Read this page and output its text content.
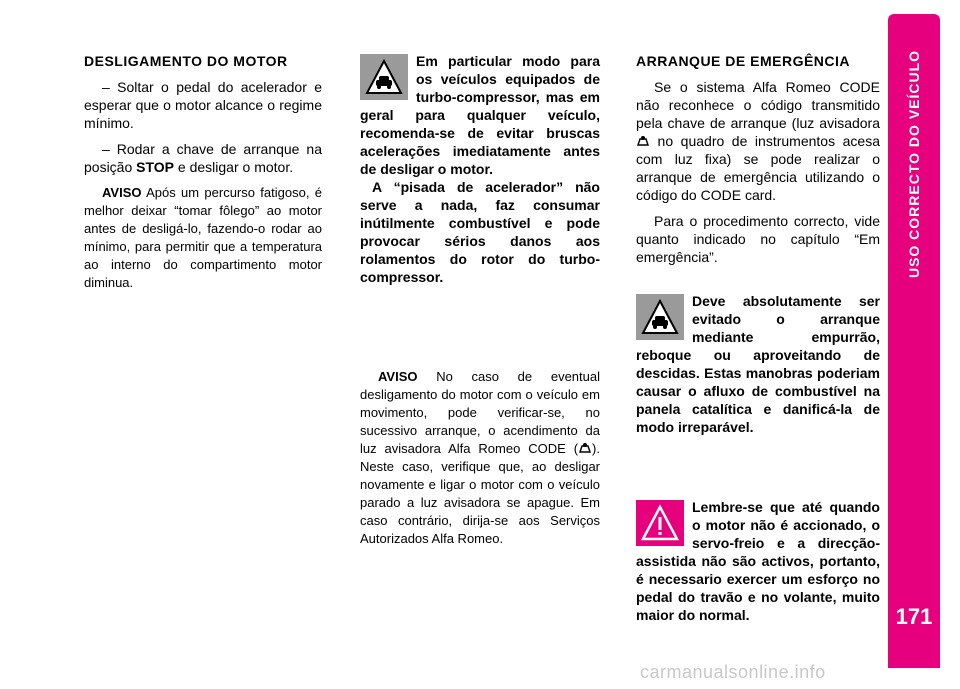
DESLIGAMENTO DO MOTOR

– Soltar o pedal do acelerador e esperar que o motor alcance o regime mínimo.

– Rodar a chave de arranque na posição STOP e desligar o motor.

AVISO Após um percurso fatigoso, é melhor deixar “tomar fôlego” ao motor antes de desligá-lo, fazendo-o rodar ao mínimo, para permitir que a temperatura ao interno do compartimento motor diminua.

Em particular modo para os veículos equipados de turbo-compressor, mas em geral para qualquer veículo, recomenda-se de evitar bruscas acelerações imediatamente antes de desligar o motor.

A “pisada de acelerador” não serve a nada, faz consumar inútilmente combustível e pode provocar sérios danos aos rolamentos do rotor do turbo-compressor.

AVISO No caso de eventual desligamento do motor com o veículo em movimento, pode verificar-se, no sucessivo arranque, o acendimento da luz avisadora Alfa Romeo CODE ( ). Neste caso, verifique que, ao desligar novamente e ligar o motor com o veículo parado a luz avisadora se apague. Em caso contrário, dirija-se aos Serviços Autorizados Alfa Romeo.

ARRANQUE DE EMERGÊNCIA

Se o sistema Alfa Romeo CODE não reconhece o código transmitido pela chave de arranque (luz avisadora  no quadro de instrumentos acesa com luz fixa) se pode realizar o arranque de emergência utilizando o código do CODE card.

Para o procedimento correcto, vide quanto indicado no capítulo “Em emergência”.

Deve absolutamente ser evitado o arranque mediante empurrão, reboque ou aproveitando de descidas. Estas manobras poderiam causar o afluxo de combustível na panela catalítica e danificá-la de modo irreparável.

Lembre-se que até quando o motor não é accionado, o servo-freio e a direcção-assistida não são activos, portanto, é necessario exercer um esforço no pedal do travão e no volante, muito maior do normal.

USO CORRECTO DO VEÍCULO
171
carmanualsonline.info
